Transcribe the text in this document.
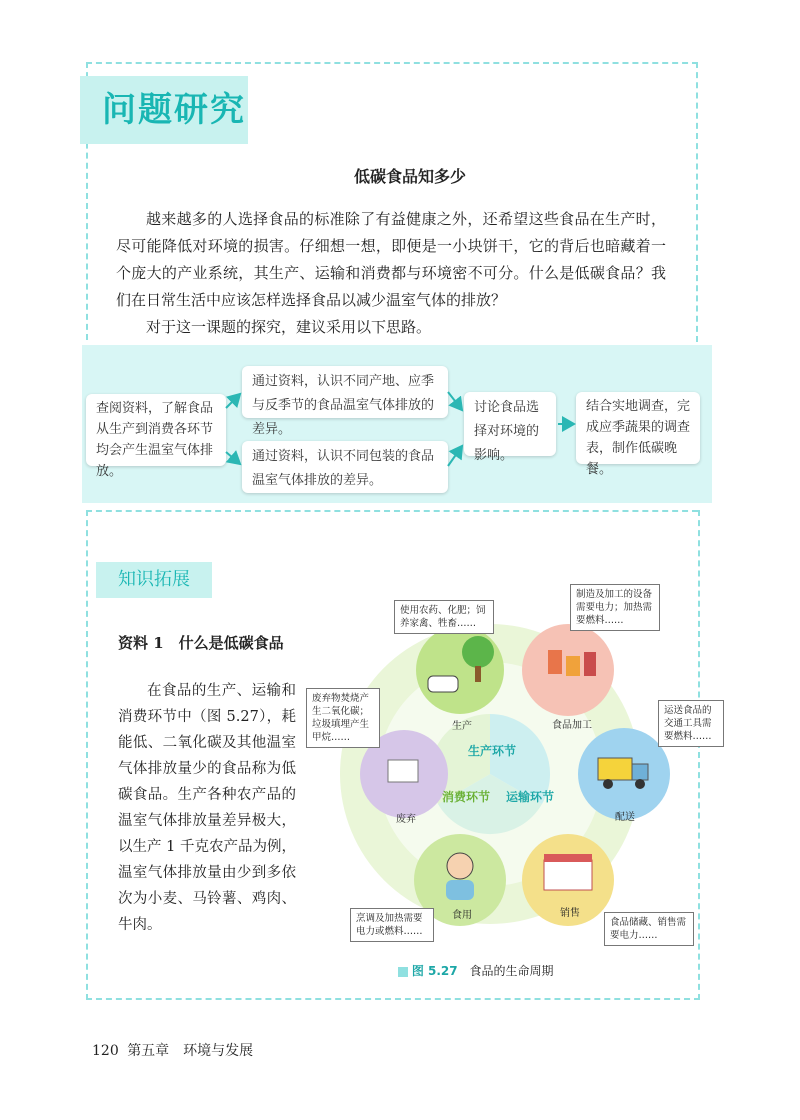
问题研究
低碳食品知多少

越来越多的人选择食品的标准除了有益健康之外，还希望这些食品在生产时，尽可能降低对环境的损害。仔细想一想，即便是一小块饼干，它的背后也暗藏着一个庞大的产业系统，其生产、运输和消费都与环境密不可分。什么是低碳食品？我们在日常生活中应该怎样选择食品以减少温室气体的排放？

对于这一课题的探究，建议采用以下思路。

查阅资料，了解食品从生产到消费各环节均会产生温室气体排放。
通过资料，认识不同产地、应季与反季节的食品温室气体排放的差异。
通过资料，认识不同包装的食品温室气体排放的差异。
讨论食品选择对环境的影响。
结合实地调查，完成应季蔬果的调查表，制作低碳晚餐。
知识拓展
资料 1　什么是低碳食品

在食品的生产、运输和消费环节中（图 5.27），耗能低、二氧化碳及其他温室气体排放量少的食品称为低碳食品。生产各种农产品的温室气体排放量差异极大，以生产 1 千克农产品为例，温室气体排放量由少到多依次为小麦、马铃薯、鸡肉、牛肉。

生产环节
消费环节 运输环节
生产	食品加工
配送
销售
食用
废弃
使用农药、化肥；饲养家禽、牲畜……
制造及加工的设备需要电力；加热需要燃料……
运送食品的交通工具需要燃料……
食品储藏、销售需要电力……
烹调及加热需要电力或燃料……
废弃物焚烧产生二氧化碳；垃圾填埋产生甲烷……
图 5.27 食品的生命周期
120 第五章　环境与发展
